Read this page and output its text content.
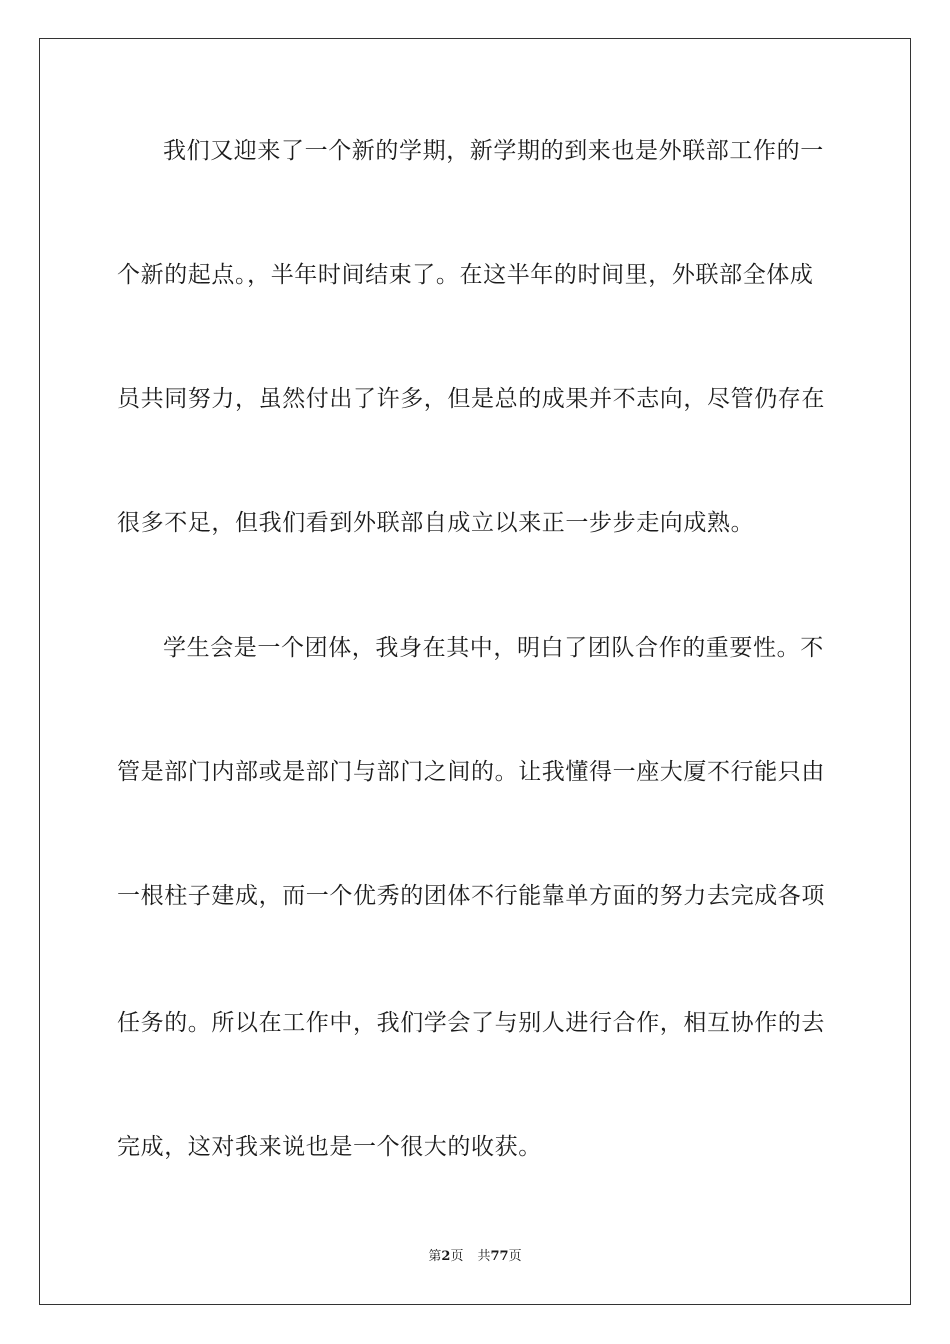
我们又迎来了一个新的学期，新学期的到来也是外联部工作的一
个新的起点。，半年时间结束了。在这半年的时间里，外联部全体成
员共同努力，虽然付出了许多，但是总的成果并不志向，尽管仍存在
很多不足，但我们看到外联部自成立以来正一步步走向成熟。
学生会是一个团体，我身在其中，明白了团队合作的重要性。不
管是部门内部或是部门与部门之间的。让我懂得一座大厦不行能只由
一根柱子建成，而一个优秀的团体不行能靠单方面的努力去完成各项
任务的。所以在工作中，我们学会了与别人进行合作，相互协作的去
完成，这对我来说也是一个很大的收获。
第2页 共77页
